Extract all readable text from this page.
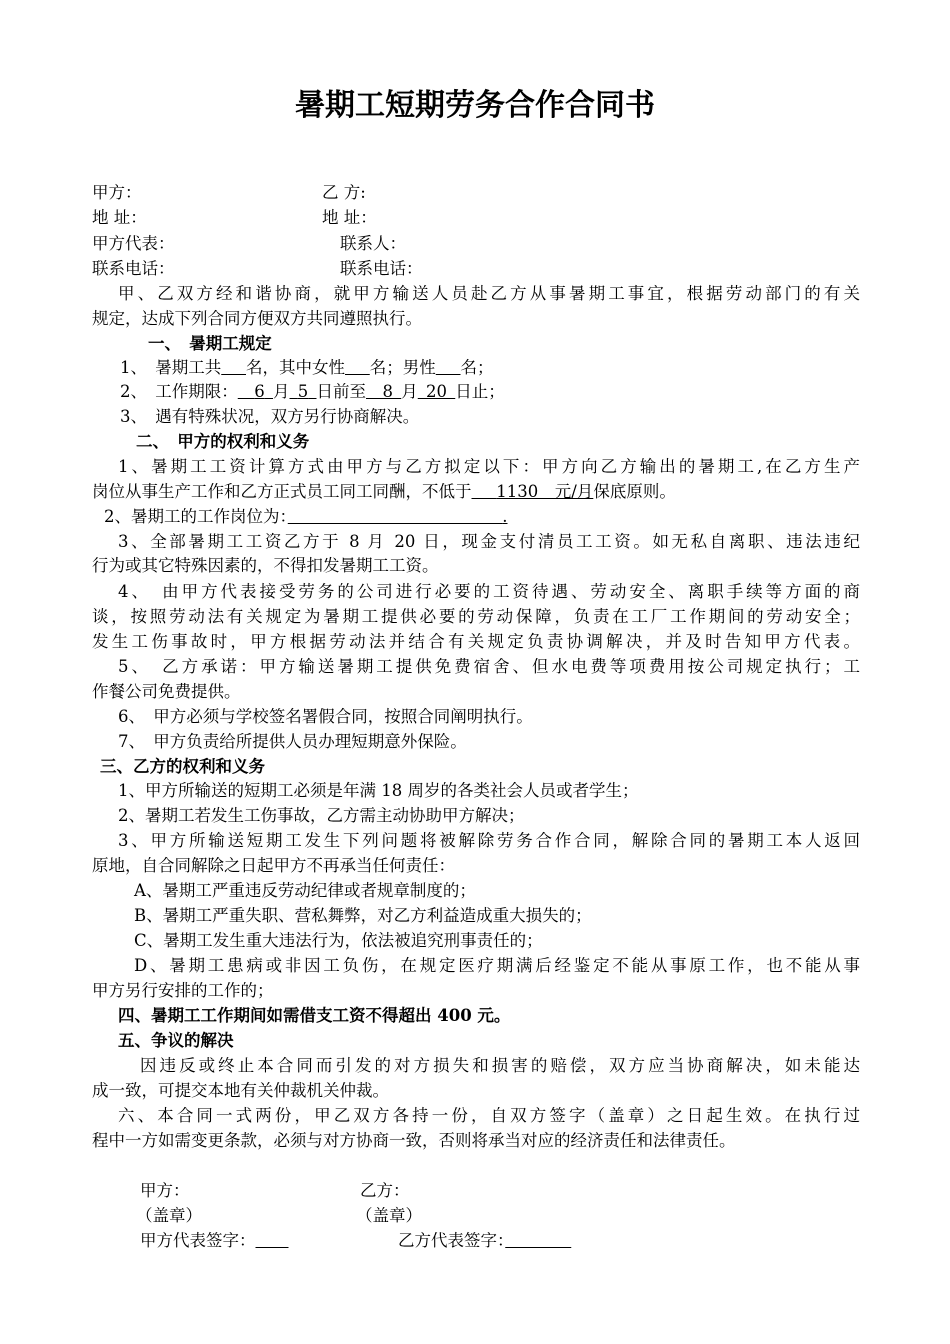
暑期工短期劳务合作合同书
甲方：	乙 方:
地 址：	地 址：
甲方代表：	联系人：
联系电话：	联系电话：
甲、乙双方经和谐协商，就甲方输送人员赴乙方从事暑期工事宜，根据劳动部门的有关
规定，达成下列合同方便双方共同遵照执行。
一、　暑期工规定
1、　暑期工共　  名，其中女性　  名；男性　  名；
2、　工作期限：   6  月  5  日前至   8  月  20  日止；
3、　遇有特殊状况，双方另行协商解决。
二、　甲方的权利和义务
1、暑期工工资计算方式由甲方与乙方拟定以下：甲方向乙方输出的暑期工,在乙方生产
岗位从事生产工作和乙方正式员工同工同酬，不低于    1130　元/月保底原则。
2、暑期工的工作岗位为：　　　　　　　　　　　　　	.
3、全部暑期工工资乙方于 8 月 20 日，现金支付清员工工资。如无私自离职、违法违纪
行为或其它特殊因素的，不得扣发暑期工工资。
4、　由甲方代表接受劳务的公司进行必要的工资待遇、劳动安全、离职手续等方面的商
谈，按照劳动法有关规定为暑期工提供必要的劳动保障，负责在工厂工作期间的劳动安全；
发生工伤事故时，甲方根据劳动法并结合有关规定负责协调解决，并及时告知甲方代表。
5、　乙方承诺：甲方输送暑期工提供免费宿舍、但水电费等项费用按公司规定执行；工
作餐公司免费提供。
6、　甲方必须与学校签名署假合同，按照合同阐明执行。
7、　甲方负责给所提供人员办理短期意外保险。
三、乙方的权利和义务
1、甲方所输送的短期工必须是年满 18 周岁的各类社会人员或者学生；
2、暑期工若发生工伤事故，乙方需主动协助甲方解决；
3、甲方所输送短期工发生下列问题将被解除劳务合作合同，解除合同的暑期工本人返回
原地，自合同解除之日起甲方不再承当任何责任：
A、暑期工严重违反劳动纪律或者规章制度的；
B、暑期工严重失职、营私舞弊，对乙方利益造成重大损失的；
C、暑期工发生重大违法行为，依法被追究刑事责任的；
D、暑期工患病或非因工负伤，在规定医疗期满后经鉴定不能从事原工作，也不能从事
甲方另行安排的工作的；
四、暑期工工作期间如需借支工资不得超出 400 元。
五、争议的解决
因违反或终止本合同而引发的对方损失和损害的赔偿，双方应当协商解决，如未能达
成一致，可提交本地有关仲裁机关仲裁。
六、本合同一式两份，甲乙双方各持一份，自双方签字（盖章）之日起生效。在执行过
程中一方如需变更条款，必须与对方协商一致，否则将承当对应的经济责任和法律责任。
甲方：	乙方：
（盖章）	（盖章）
甲方代表签字：    	乙方代表签字：　　　　
